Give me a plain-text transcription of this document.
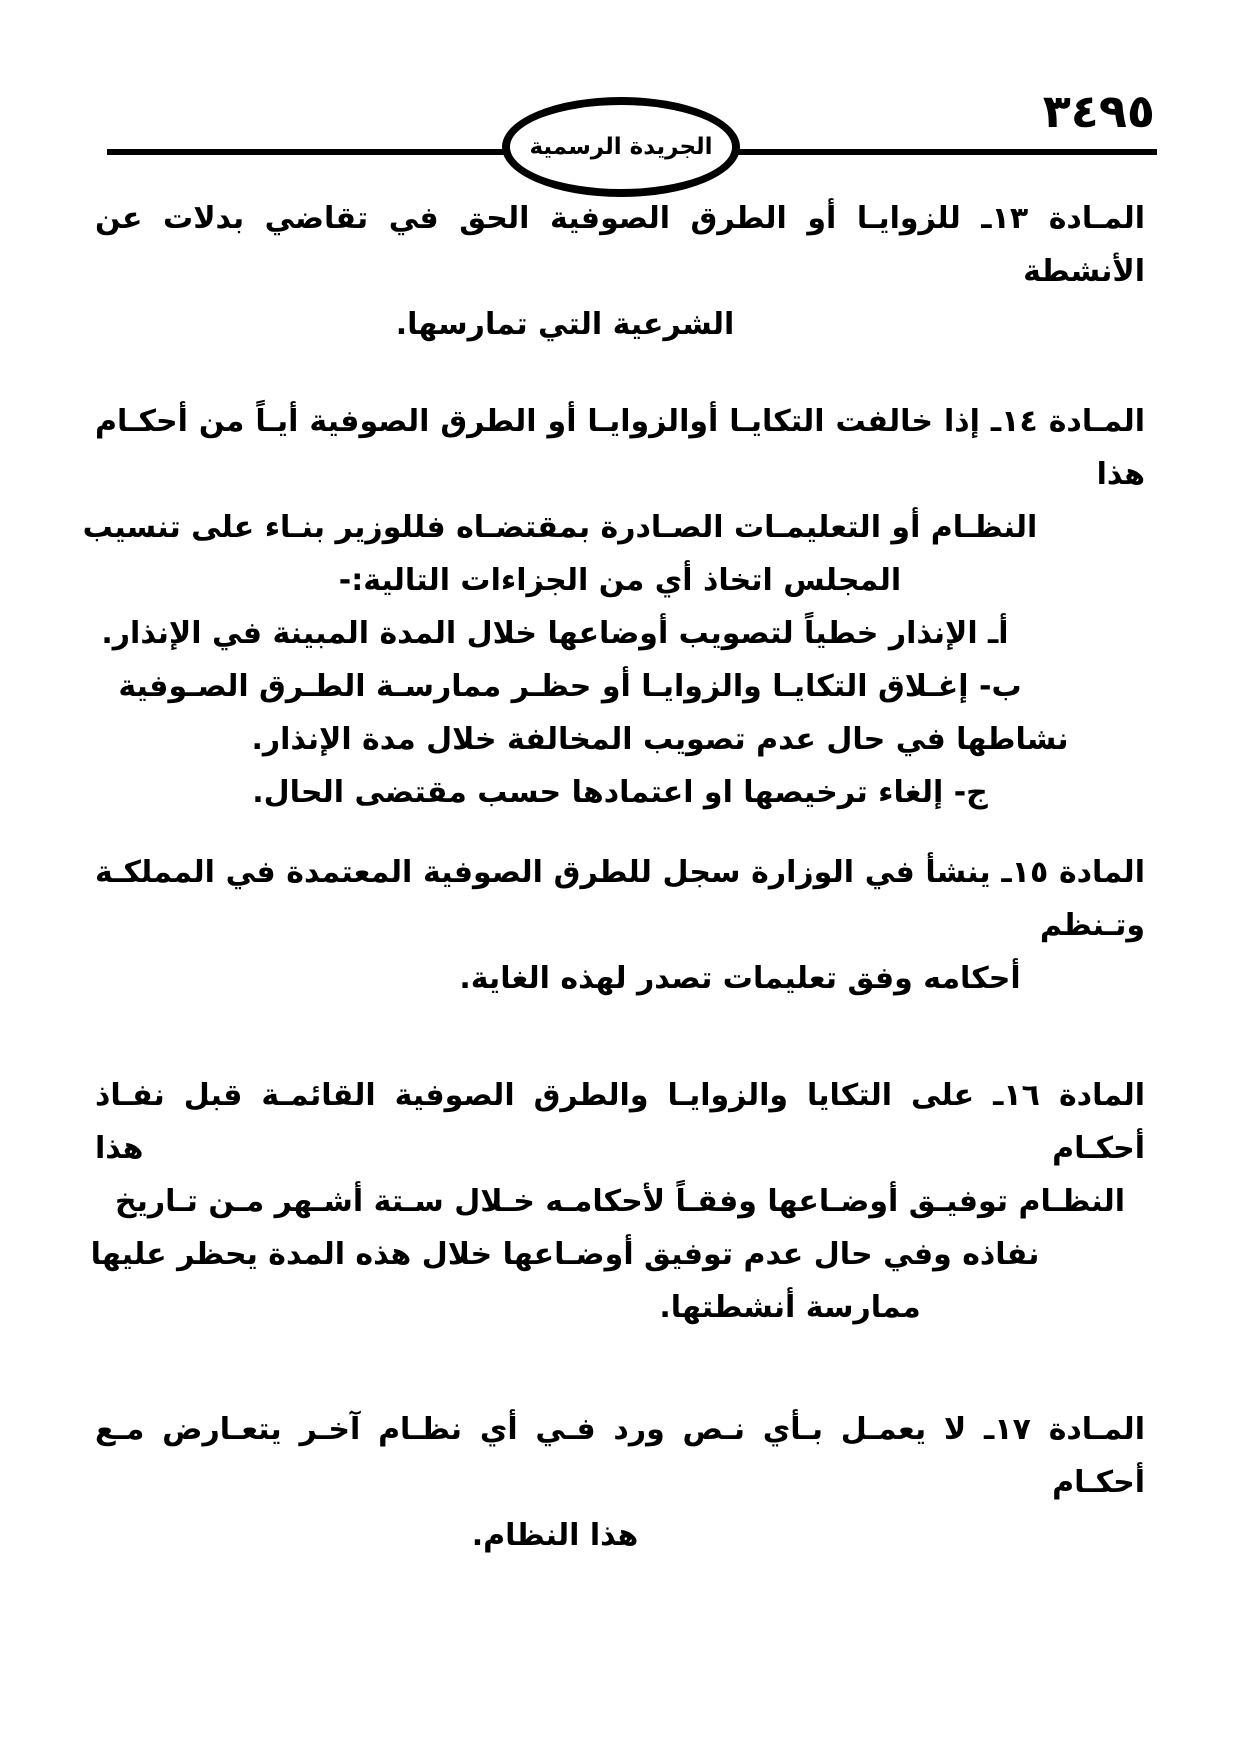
٣٤٩٥
الجريدة الرسمية
المـادة ١٣ـ للزوايـا أو الطرق الصوفية الحق في تقاضي بدلات عن الأنشطة
الشرعية التي تمارسها.
المـادة ١٤ـ إذا خالفت التكايـا أوالزوايـا أو الطرق الصوفية أيـاً من أحكـام هذا
النظـام أو التعليمـات الصـادرة بمقتضـاه فللوزير بنـاء على تنسيب
المجلس اتخاذ أي من الجزاءات التالية:-
أـ الإنذار خطياً لتصويب أوضاعها خلال المدة المبينة في الإنذار.
ب- إغـلاق التكايـا والزوايـا أو حظـر ممارسـة الطـرق الصـوفية
نشاطها في حال عدم تصويب المخالفة خلال مدة الإنذار.
ج- إلغاء ترخيصها او اعتمادها حسب مقتضى الحال.
المادة ١٥ـ ينشأ في الوزارة سجل للطرق الصوفية المعتمدة في المملكـة وتـنظم
أحكامه وفق تعليمات تصدر لهذه الغاية.
المادة ١٦ـ على التكايا والزوايـا والطرق الصوفية القائمـة قبل نفـاذ أحكـام هذا
النظـام توفيـق أوضـاعها وفقـاً لأحكامـه خـلال سـتة أشـهر مـن تـاريخ
نفاذه وفي حال عدم توفيق أوضـاعها خلال هذه المدة يحظر عليها
ممارسة أنشطتها.
المـادة ١٧ـ لا يعمـل بـأي نـص ورد فـي أي نظـام آخـر يتعـارض مـع أحكـام
هذا النظام.
